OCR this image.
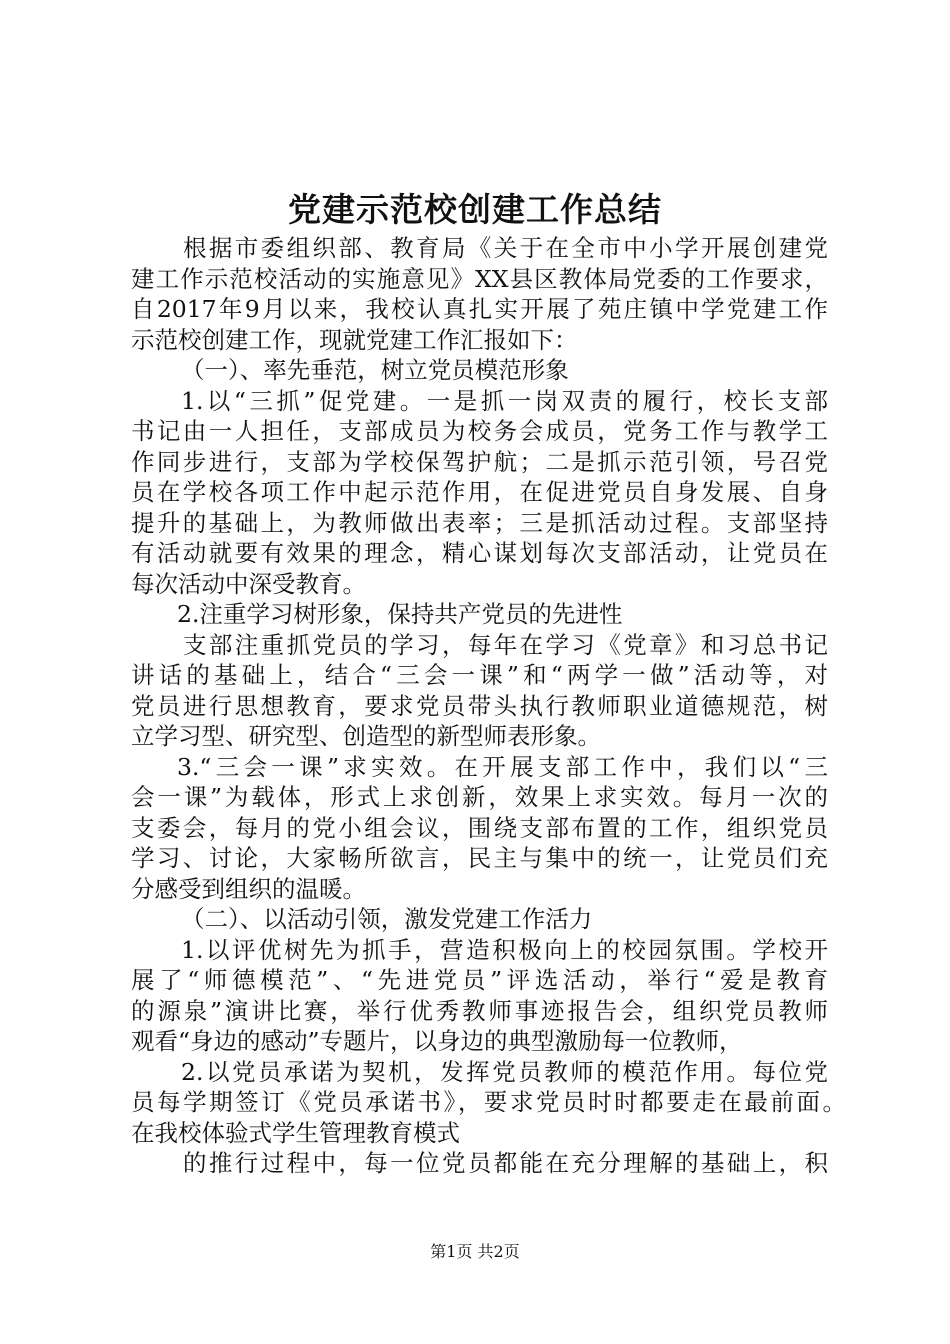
党建示范校创建工作总结
根据市委组织部、教育局《关于在全市中小学开展创建党
建工作示范校活动的实施意见》XX县区教体局党委的工作要求，
自2017年9月以来，我校认真扎实开展了苑庄镇中学党建工作
示范校创建工作，现就党建工作汇报如下：
（一）、率先垂范，树立党员模范形象
1.以“三抓”促党建。一是抓一岗双责的履行，校长支部
书记由一人担任，支部成员为校务会成员，党务工作与教学工
作同步进行，支部为学校保驾护航；二是抓示范引领，号召党
员在学校各项工作中起示范作用，在促进党员自身发展、自身
提升的基础上，为教师做出表率；三是抓活动过程。支部坚持
有活动就要有效果的理念，精心谋划每次支部活动，让党员在
每次活动中深受教育。
2.注重学习树形象，保持共产党员的先进性
支部注重抓党员的学习，每年在学习《党章》和习总书记
讲话的基础上，结合“三会一课”和“两学一做”活动等，对
党员进行思想教育，要求党员带头执行教师职业道德规范，树
立学习型、研究型、创造型的新型师表形象。
3.“三会一课”求实效。在开展支部工作中，我们以“三
会一课”为载体，形式上求创新，效果上求实效。每月一次的
支委会，每月的党小组会议，围绕支部布置的工作，组织党员
学习、讨论，大家畅所欲言，民主与集中的统一，让党员们充
分感受到组织的温暖。
（二）、以活动引领，激发党建工作活力
1.以评优树先为抓手，营造积极向上的校园氛围。学校开
展了“师德模范”、“先进党员”评选活动，举行“爱是教育
的源泉”演讲比赛，举行优秀教师事迹报告会，组织党员教师
观看“身边的感动”专题片，以身边的典型激励每一位教师，
2.以党员承诺为契机，发挥党员教师的模范作用。每位党
员每学期签订《党员承诺书》，要求党员时时都要走在最前面。
在我校体验式学生管理教育模式
的推行过程中，每一位党员都能在充分理解的基础上，积
第1页 共2页
